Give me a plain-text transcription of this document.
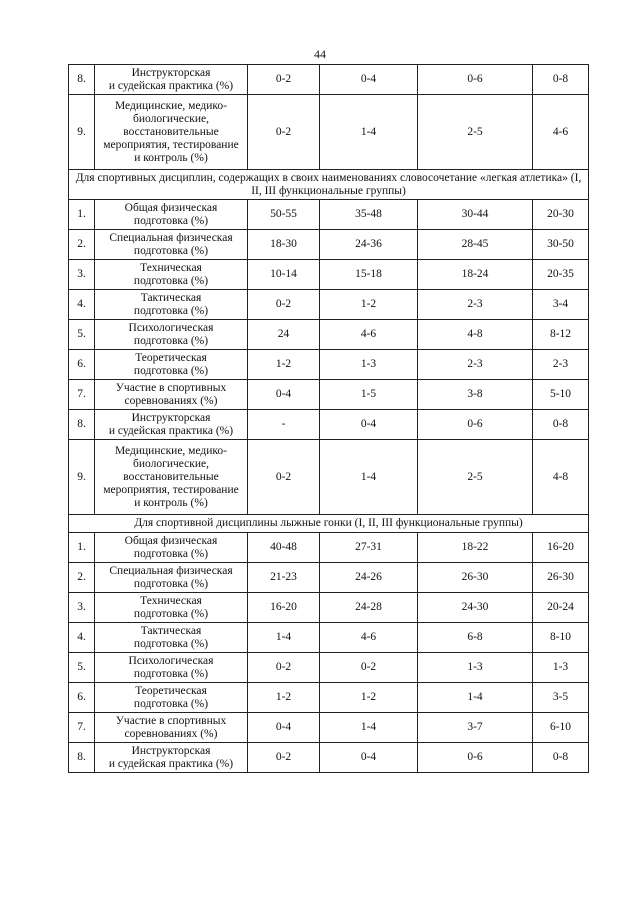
44
8.	Инструкторская
и судейская практика (%)	0-2	0-4	0-6	0-8
9.	Медицинские, медико-
биологические,
восстановительные
мероприятия, тестирование
и контроль (%)	0-2	1-4	2-5	4-6
Для спортивных дисциплин, содержащих в своих наименованиях словосочетание «легкая атлетика» (I, II, III функциональные группы)					
1.	Общая физическая
подготовка (%)	50-55	35-48	30-44	20-30
2.	Специальная физическая
подготовка (%)	18-30	24-36	28-45	30-50
3.	Техническая
подготовка (%)	10-14	15-18	18-24	20-35
4.	Тактическая
подготовка (%)	0-2	1-2	2-3	3-4
5.	Психологическая
подготовка (%)	24	4-6	4-8	8-12
6.	Теоретическая
подготовка (%)	1-2	1-3	2-3	2-3
7.	Участие в спортивных
соревнованиях (%)	0-4	1-5	3-8	5-10
8.	Инструкторская
и судейская практика (%)	-	0-4	0-6	0-8
9.	Медицинские, медико-
биологические,
восстановительные
мероприятия, тестирование
и контроль (%)	0-2	1-4	2-5	4-8
Для спортивной дисциплины лыжные гонки (I, II, III функциональные группы)					
1.	Общая физическая
подготовка (%)	40-48	27-31	18-22	16-20
2.	Специальная физическая
подготовка (%)	21-23	24-26	26-30	26-30
3.	Техническая
подготовка (%)	16-20	24-28	24-30	20-24
4.	Тактическая
подготовка (%)	1-4	4-6	6-8	8-10
5.	Психологическая
подготовка (%)	0-2	0-2	1-3	1-3
6.	Теоретическая
подготовка (%)	1-2	1-2	1-4	3-5
7.	Участие в спортивных
соревнованиях (%)	0-4	1-4	3-7	6-10
8.	Инструкторская
и судейская практика (%)	0-2	0-4	0-6	0-8
